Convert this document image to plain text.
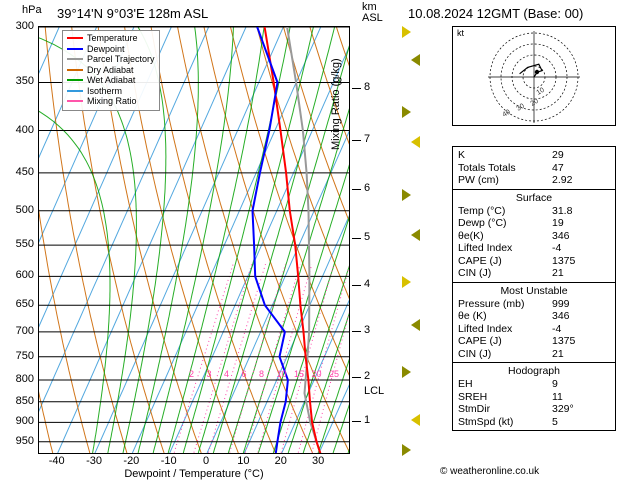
hPa 39°14'N 9°03'E 128m ASL	km
ASL
300
350
400
450
500
550
600
650
700
750
800
850
900
950
2 3 4 6 8 10 15 20 25
Temperature
Dewpoint
Parcel Trajectory
Dry Adiabat
Wet Adiabat
Isotherm
Mixing Ratio
-40 -30 -20 -10 0	10 20 30
Dewpoint / Temperature (°C)
8
7
6
5
4
3
2
1
LCL
Mixing Ratio (g/kg)
10.08.2024 12GMT (Base: 00)
kt
10
20
30
40
K	29
Totals Totals	47
PW (cm)	2.92
Surface
Temp (°C)	31.8
Dewp (°C)	19
θe(K)	346
Lifted Index	-4
CAPE (J)	1375
CIN (J)	21
Most Unstable
Pressure (mb)	999
θe (K)	346
Lifted Index	-4
CAPE (J)	1375
CIN (J)	21
Hodograph
EH	9
SREH	11
StmDir	329°
StmSpd (kt)	5
© weatheronline.co.uk
